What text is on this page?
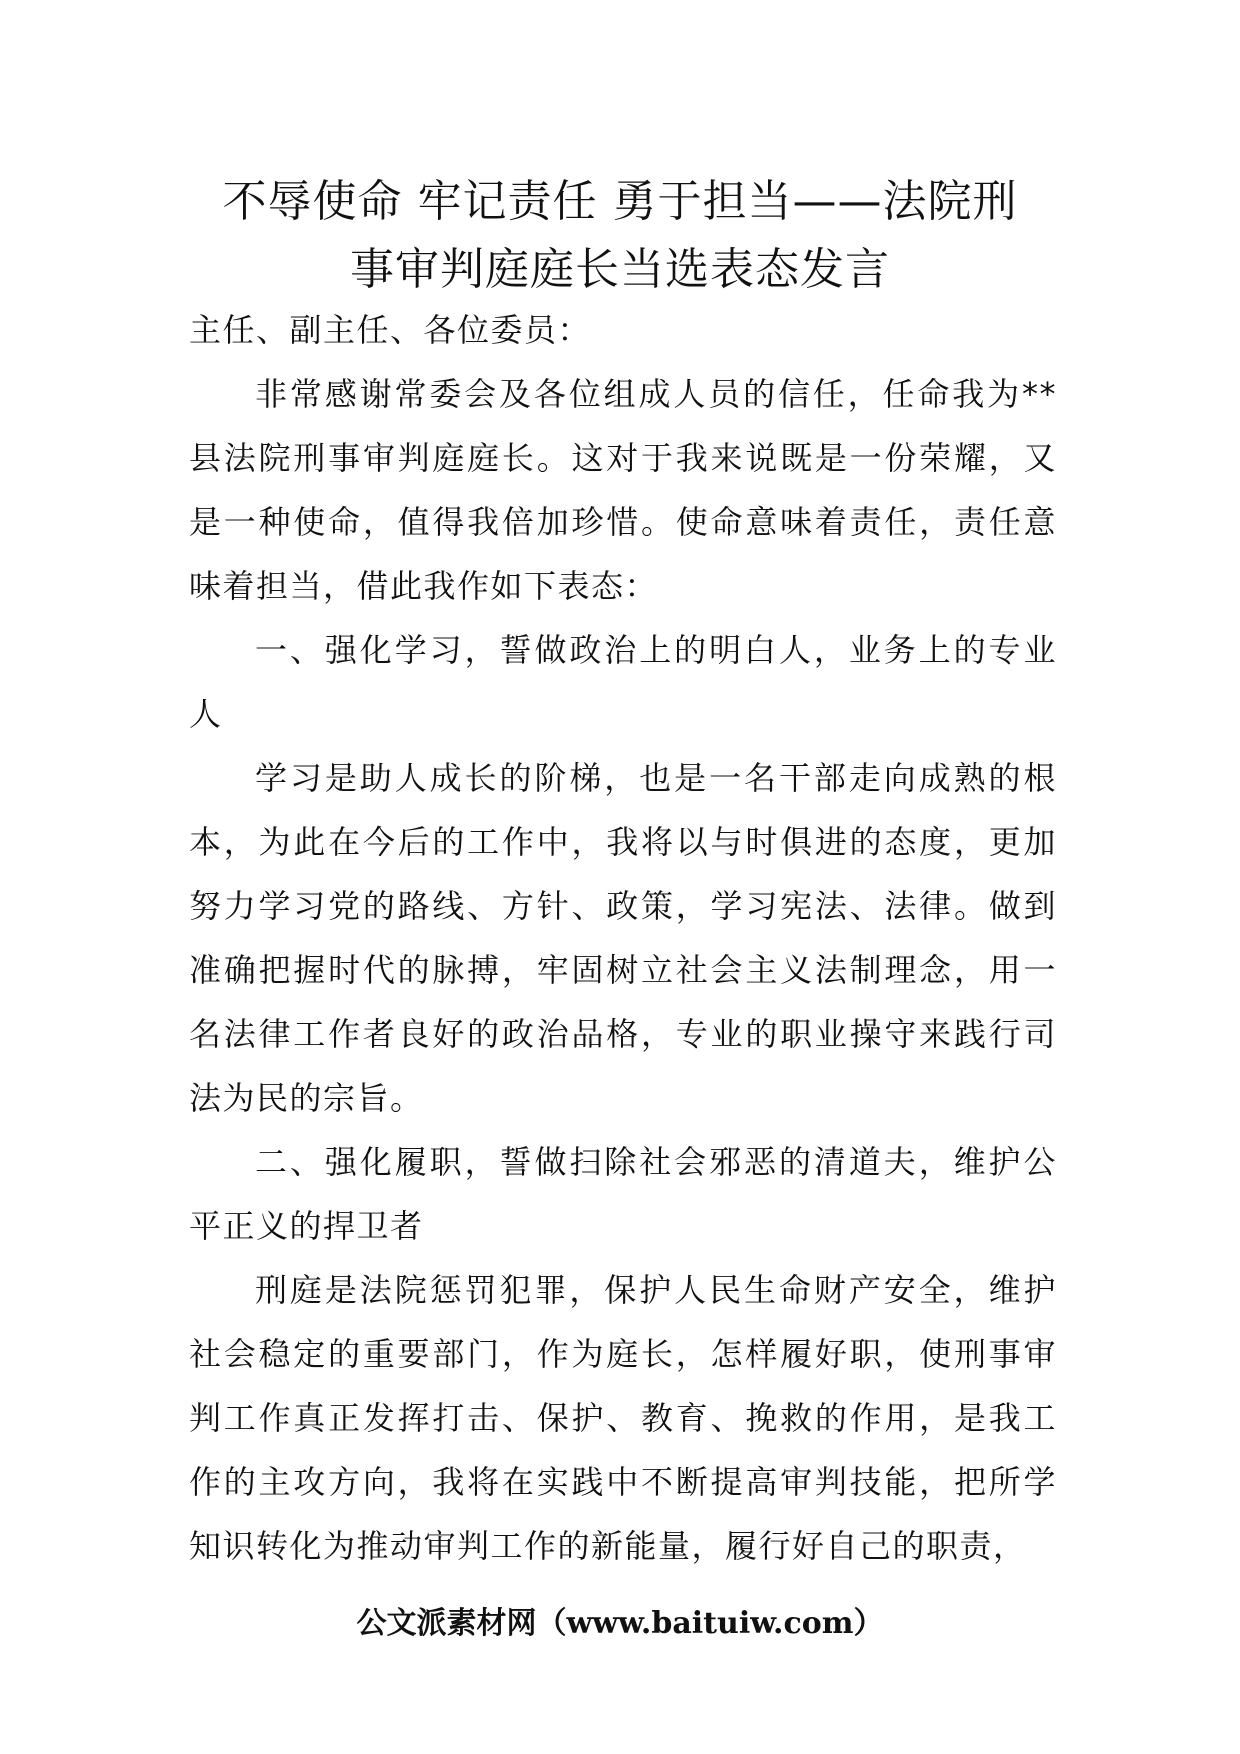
不辱使命 牢记责任 勇于担当——法院刑
事审判庭庭长当选表态发言

主任、副主任、各位委员：

非常感谢常委会及各位组成人员的信任，任命我为**县法院刑事审判庭庭长。这对于我来说既是一份荣耀，又是一种使命，值得我倍加珍惜。使命意味着责任，责任意味着担当，借此我作如下表态：

一、强化学习，誓做政治上的明白人，业务上的专业人

学习是助人成长的阶梯，也是一名干部走向成熟的根本，为此在今后的工作中，我将以与时俱进的态度，更加努力学习党的路线、方针、政策，学习宪法、法律。做到准确把握时代的脉搏，牢固树立社会主义法制理念，用一名法律工作者良好的政治品格，专业的职业操守来践行司法为民的宗旨。

二、强化履职，誓做扫除社会邪恶的清道夫，维护公平正义的捍卫者

刑庭是法院惩罚犯罪，保护人民生命财产安全，维护社会稳定的重要部门，作为庭长，怎样履好职，使刑事审判工作真正发挥打击、保护、教育、挽救的作用，是我工作的主攻方向，我将在实践中不断提高审判技能，把所学知识转化为推动审判工作的新能量，履行好自己的职责，

公文派素材网（www.baituiw.com）
